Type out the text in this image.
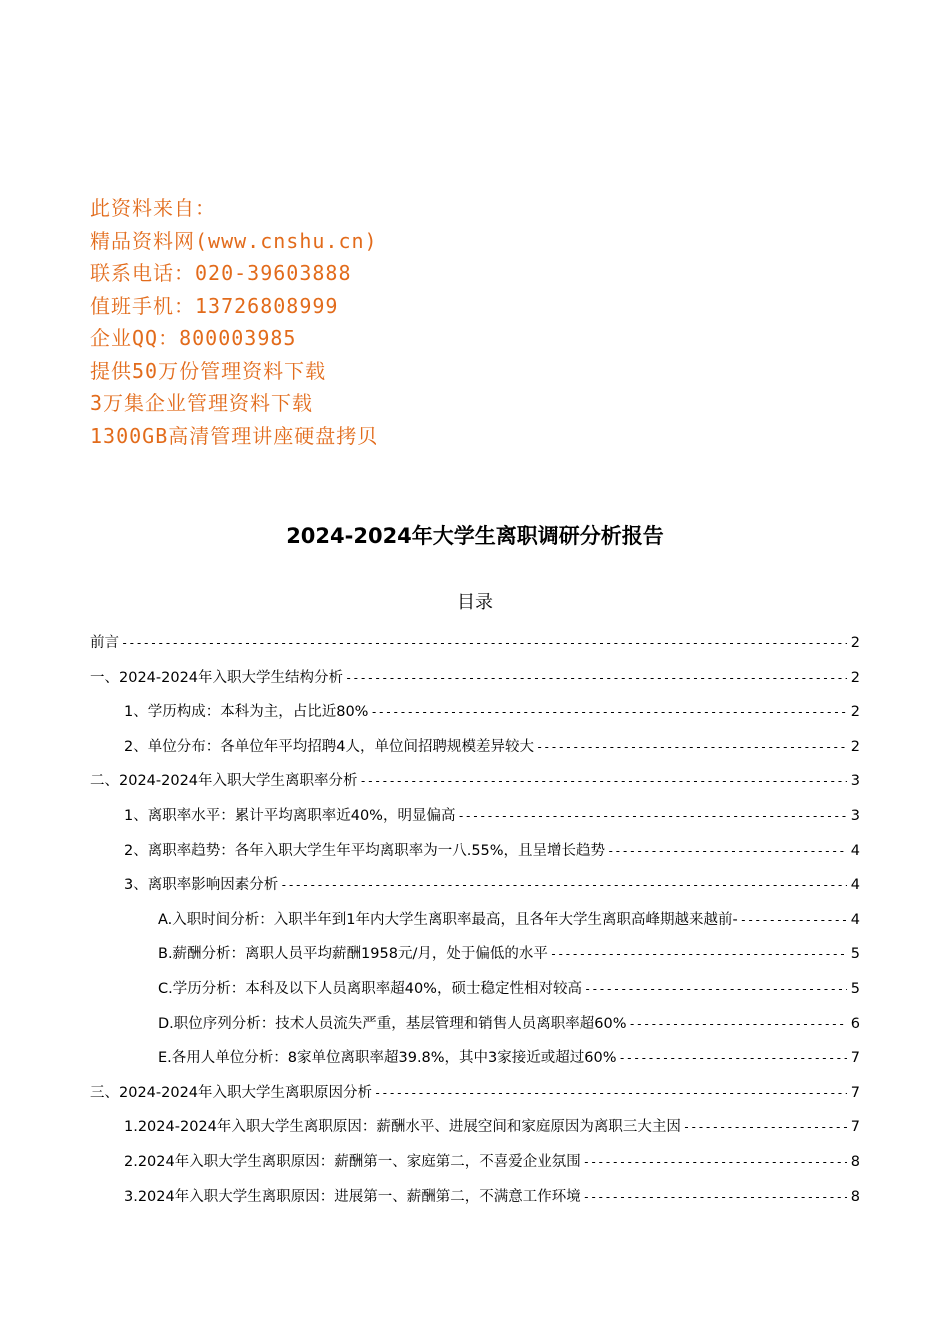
此资料来自：
精品资料网(www.cnshu.cn)
联系电话：020-39603888
值班手机：13726808999
企业QQ：800003985
提供50万份管理资料下载
3万集企业管理资料下载
1300GB高清管理讲座硬盘拷贝
2024-2024年大学生离职调研分析报告
目录
前言 -----	2
一、2024-2024年入职大学生结构分析 -----	2
1、学历构成：本科为主，占比近80% -----	2
2、单位分布：各单位年平均招聘4人，单位间招聘规模差异较大 -----	2
二、2024-2024年入职大学生离职率分析 -----	3
1、离职率水平：累计平均离职率近40%，明显偏高 -----	3
2、离职率趋势：各年入职大学生年平均离职率为一八.55%，且呈增长趋势 -----	4
3、离职率影响因素分析 -----	4
A.入职时间分析：入职半年到1年内大学生离职率最高，且各年大学生离职高峰期越来越前- -----	4
B.薪酬分析：离职人员平均薪酬1958元/月，处于偏低的水平 -----	5
C.学历分析：本科及以下人员离职率超40%，硕士稳定性相对较高 -----	5
D.职位序列分析：技术人员流失严重，基层管理和销售人员离职率超60% -----	6
E.各用人单位分析：8家单位离职率超39.8%，其中3家接近或超过60% -----	7
三、2024-2024年入职大学生离职原因分析 -----	7
1.2024-2024年入职大学生离职原因：薪酬水平、进展空间和家庭原因为离职三大主因 -----	7
2.2024年入职大学生离职原因：薪酬第一、家庭第二，不喜爱企业氛围 -----	8
3.2024年入职大学生离职原因：进展第一、薪酬第二，不满意工作环境 -----	8
